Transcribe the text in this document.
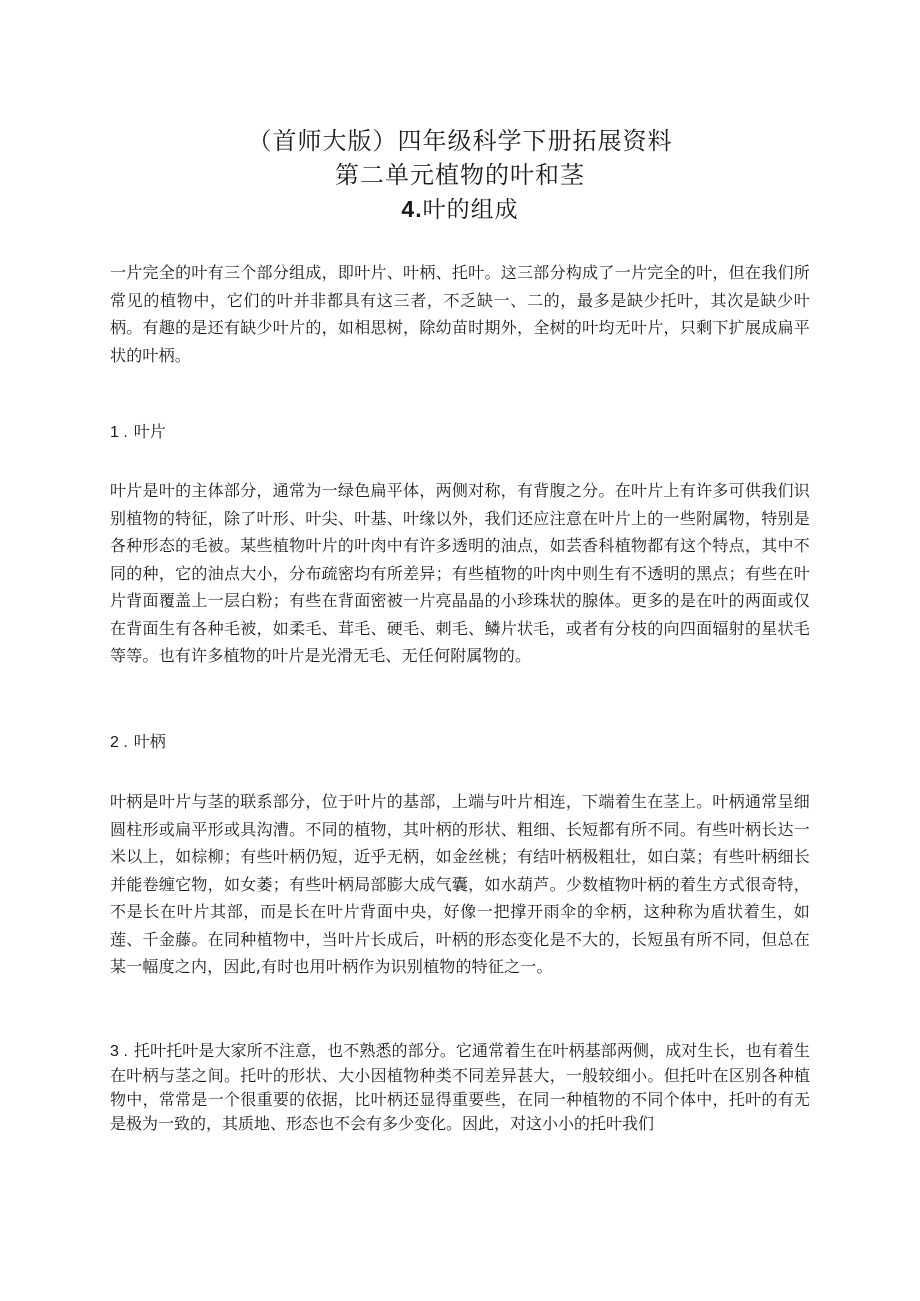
（首师大版）四年级科学下册拓展资料
第二单元植物的叶和茎
4.叶的组成
一片完全的叶有三个部分组成，即叶片、叶柄、托叶。这三部分构成了一片完全的叶，但在我们所常见的植物中，它们的叶并非都具有这三者，不乏缺一、二的，最多是缺少托叶，其次是缺少叶柄。有趣的是还有缺少叶片的，如相思树，除幼苗时期外，全树的叶均无叶片，只剩下扩展成扁平状的叶柄。
1 . 叶片
叶片是叶的主体部分，通常为一绿色扁平体，两侧对称，有背腹之分。在叶片上有许多可供我们识别植物的特征，除了叶形、叶尖、叶基、叶缘以外，我们还应注意在叶片上的一些附属物，特别是各种形态的毛被。某些植物叶片的叶肉中有许多透明的油点，如芸香科植物都有这个特点，其中不同的种，它的油点大小，分布疏密均有所差异；有些植物的叶肉中则生有不透明的黑点；有些在叶片背面覆盖上一层白粉；有些在背面密被一片亮晶晶的小珍珠状的腺体。更多的是在叶的两面或仅在背面生有各种毛被，如柔毛、茸毛、硬毛、刺毛、鳞片状毛，或者有分枝的向四面辐射的星状毛等等。也有许多植物的叶片是光滑无毛、无任何附属物的。
2 . 叶柄
叶柄是叶片与茎的联系部分，位于叶片的基部，上端与叶片相连，下端着生在茎上。叶柄通常呈细圆柱形或扁平形或具沟漕。不同的植物，其叶柄的形状、粗细、长短都有所不同。有些叶柄长达一米以上，如棕柳；有些叶柄仍短，近乎无柄，如金丝桃；有结叶柄极粗壮，如白菜；有些叶柄细长并能卷缠它物，如女萎；有些叶柄局部膨大成气囊，如水葫芦。少数植物叶柄的着生方式很奇特，不是长在叶片其部，而是长在叶片背面中央，好像一把撑开雨伞的伞柄，这种称为盾状着生，如莲、千金藤。在同种植物中，当叶片长成后，叶柄的形态变化是不大的，长短虽有所不同，但总在某一幅度之内，因此,有时也用叶柄作为识别植物的特征之一。
3 . 托叶托叶是大家所不注意，也不熟悉的部分。它通常着生在叶柄基部两侧，成对生长，也有着生在叶柄与茎之间。托叶的形状、大小因植物种类不同差异甚大，一般较细小。但托叶在区别各种植物中，常常是一个很重要的依据，比叶柄还显得重要些，在同一种植物的不同个体中，托叶的有无是极为一致的，其质地、形态也不会有多少变化。因此，对这小小的托叶我们
